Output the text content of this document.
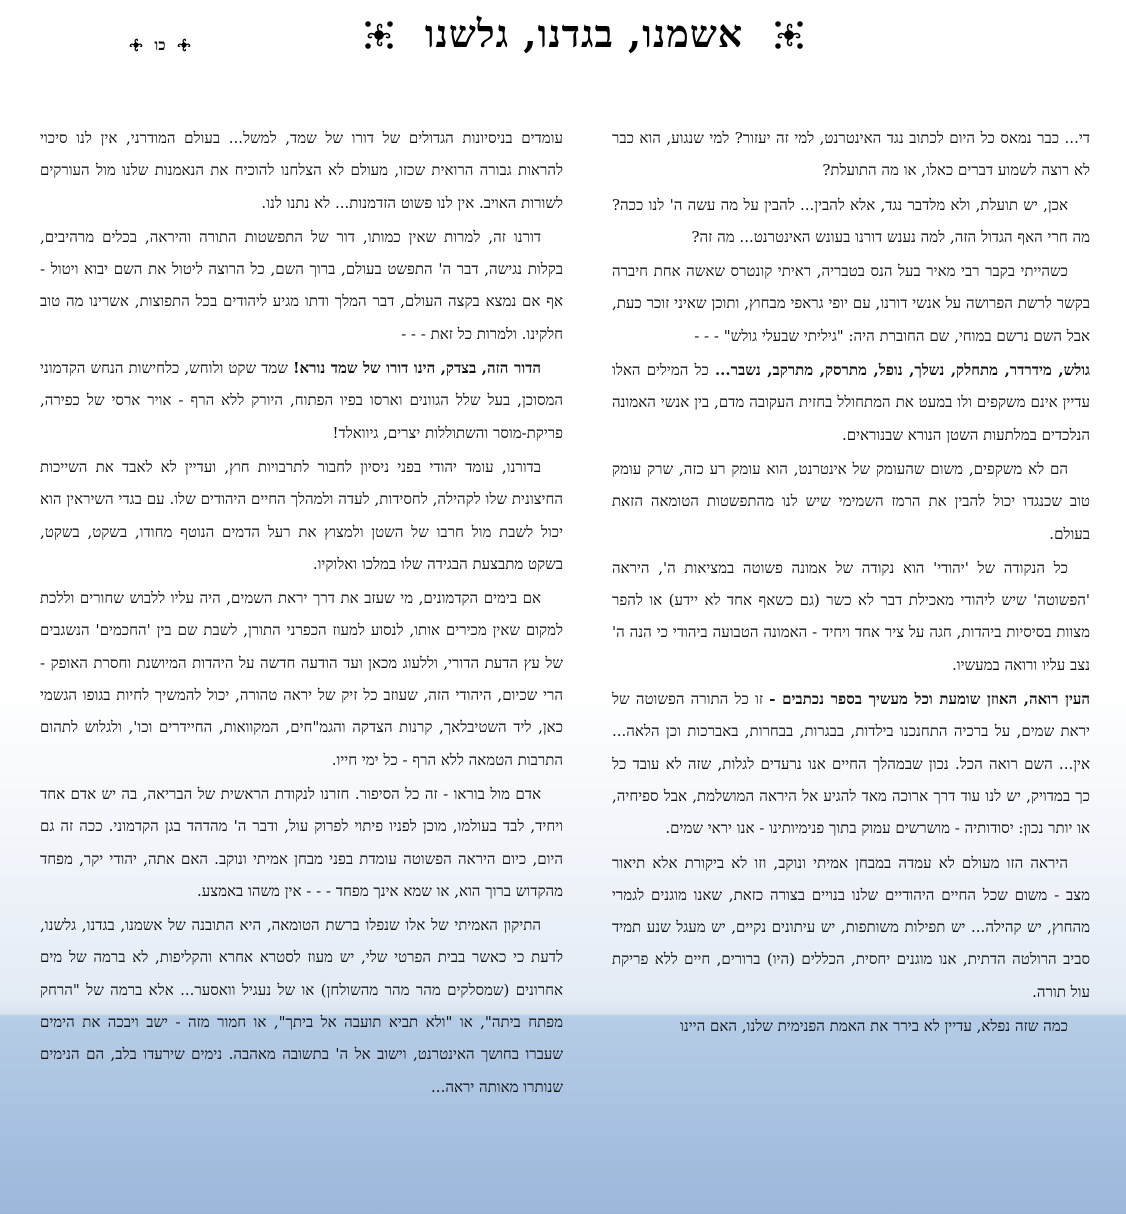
אשמנו, בגדנו, גלשנו
כו

די... כבר נמאס כל היום לכתוב נגד האינטרנט, למי זה יעזור? למי שנגוע, הוא כבר לא רוצה לשמוע דברים כאלו, או מה התועלת?

אכן, יש תועלת, ולא מלדבר נגד, אלא להבין... להבין על מה עשה ה' לנו ככה? מה חרי האף הגדול הזה, למה נענש דורנו בעונש האינטרנט... מה זה?

כשהייתי בקבר רבי מאיר בעל הנס בטבריה, ראיתי קונטרס שאשה אחת חיברה בקשר לרשת הפרושה על אנשי דורנו, עם יופי גראפי מבחוץ, ותוכן שאיני זוכר כעת, אבל השם נרשם במוחי, שם החוברת היה: "גיליתי שבעלי גולש" - - -

גולש, מידרדר, מתחלק, נשלך, נופל, מתרסק, מתרקב, נשבר... כל המילים האלו עדיין אינם משקפים ולו במעט את המתחולל בחזית העקובה מדם, בין אנשי האמונה הנלכדים במלתעות השטן הנורא שבנוראים.

הם לא משקפים, משום שהעומק של אינטרנט, הוא עומק רע כזה, שרק עומק טוב שכנגדו יכול להבין את הרמז השמימי שיש לנו מהתפשטות הטומאה הזאת בעולם.

כל הנקודה של 'יהודי' הוא נקודה של אמונה פשוטה במציאות ה', היראה 'הפשוטה' שיש ליהודי מאכילת דבר לא כשר (גם כשאף אחד לא יידע) או להפר מצוות בסיסיות ביהדות, חגה על ציר אחד ויחיד - האמונה הטבועה ביהודי כי הנה ה' נצב עליו ורואה במעשיו.

העין רואה, האוזן שומעת וכל מעשיך בספר נכתבים - זו כל התורה הפשוטה של יראת שמים, על ברכיה התחנכנו בילדות, בבגרות, בבחרות, באברכות וכן הלאה... אין... השם רואה הכל. נכון שבמהלך החיים אנו נרעדים לגלות, שזה לא עובד כל כך במדויק, יש לנו עוד דרך ארוכה מאד להגיע אל היראה המושלמת, אבל ספיחיה, או יותר נכון: יסודותיה - מושרשים עמוק בתוך פנימיותינו - אנו יראי שמים.

היראה הזו מעולם לא עמדה במבחן אמיתי ונוקב, וזו לא ביקורת אלא תיאור מצב - משום שכל החיים היהודיים שלנו בנויים בצורה כזאת, שאנו מוגנים לגמרי מהחוץ, יש קהילה... יש תפילות משותפות, יש עיתונים נקיים, יש מעגל שנע תמיד סביב הרולטה הדתית, אנו מוגנים יחסית, הכללים (היו) ברורים, חיים ללא פריקת עול תורה.

כמה שזה נפלא, עדיין לא בירר את האמת הפנימית שלנו, האם היינו

עומדים בניסיונות הגדולים של דורו של שמד, למשל... בעולם המודרני, אין לנו סיכוי להראות גבורה הרואית שכזו, מעולם לא הצלחנו להוכיח את הנאמנות שלנו מול העורקים לשורות האויב. אין לנו פשוט הזדמנות... לא נתנו לנו.

דורנו זה, למרות שאין כמותו, דור של התפשטות התורה והיראה, בכלים מרהיבים, בקלות נגישה, דבר ה' התפשט בעולם, ברוך השם, כל הרוצה ליטול את השם יבוא ויטול - אף אם נמצא בקצה העולם, דבר המלך ודתו מגיע ליהודים בכל התפוצות, אשרינו מה טוב חלקינו. ולמרות כל זאת - - -

הדור הזה, בצדק, הינו דורו של שמד נורא! שמד שקט ולוחש, כלחישות הנחש הקדמוני המסוכן, בעל שלל הגוונים וארסו בפיו הפתוח, היורק ללא הרף - אויר ארסי של כפירה, פריקת-מוסר והשתוללות יצרים, גיוואלד!

בדורנו, עומד יהודי בפני ניסיון לחבור לתרבויות חוץ, ועדיין לא לאבד את השייכות החיצונית שלו לקהילה, לחסידות, לעדה ולמהלך החיים היהודים שלו. עם בגדי השיראין הוא יכול לשבת מול חרבו של השטן ולמצוץ את רעל הדמים הנוטף מחודו, בשקט, בשקט, בשקט מתבצעת הבגידה שלו במלכו ואלוקיו.

אם בימים הקדמונים, מי שעזב את דרך יראת השמים, היה עליו ללבוש שחורים וללכת למקום שאין מכירים אותו, לנסוע למעוז הכפרני התורן, לשבת שם בין 'החכמים' הנשגבים של עץ הדעת הדורי, וללעוג מכאן ועד הודעה חדשה על היהדות המיושנת וחסרת האופק - הרי שכיום, היהודי הזה, שעוזב כל זיק של יראה טהורה, יכול להמשיך לחיות בגופו הגשמי כאן, ליד השטיבלאך, קרנות הצדקה והגמ"חים, המקוואות, החיידרים וכו', ולגלוש לתהום התרבות הטמאה ללא הרף - כל ימי חייו.

אדם מול בוראו - זה כל הסיפור. חזרנו לנקודת הראשית של הבריאה, בה יש אדם אחד ויחיד, לבד בעולמו, מוכן לפניו פיתוי לפרוק עול, ודבר ה' מהדהד בגן הקדמוני. ככה זה גם היום, כיום היראה הפשוטה עומדת בפני מבחן אמיתי ונוקב. האם אתה, יהודי יקר, מפחד מהקדוש ברוך הוא, או שמא אינך מפחד - - - אין משהו באמצע.

התיקון האמיתי של אלו שנפלו ברשת הטומאה, היא התובנה של אשמנו, בגדנו, גלשנו, לדעת כי כאשר בבית הפרטי שלי, יש מעוז לסטרא אחרא והקליפות, לא ברמה של מים אחרונים (שמסלקים מהר מהר מהשולחן) או של נעגיל וואסער... אלא ברמה של "הרחק מפתח ביתה", או "ולא תביא תועבה אל ביתך", או חמור מזה - ישב ויבכה את הימים שעברו בחושך האינטרנט, וישוב אל ה' בתשובה מאהבה. נימים שירעדו בלב, הם הנימים שנותרו מאותה יראה...
